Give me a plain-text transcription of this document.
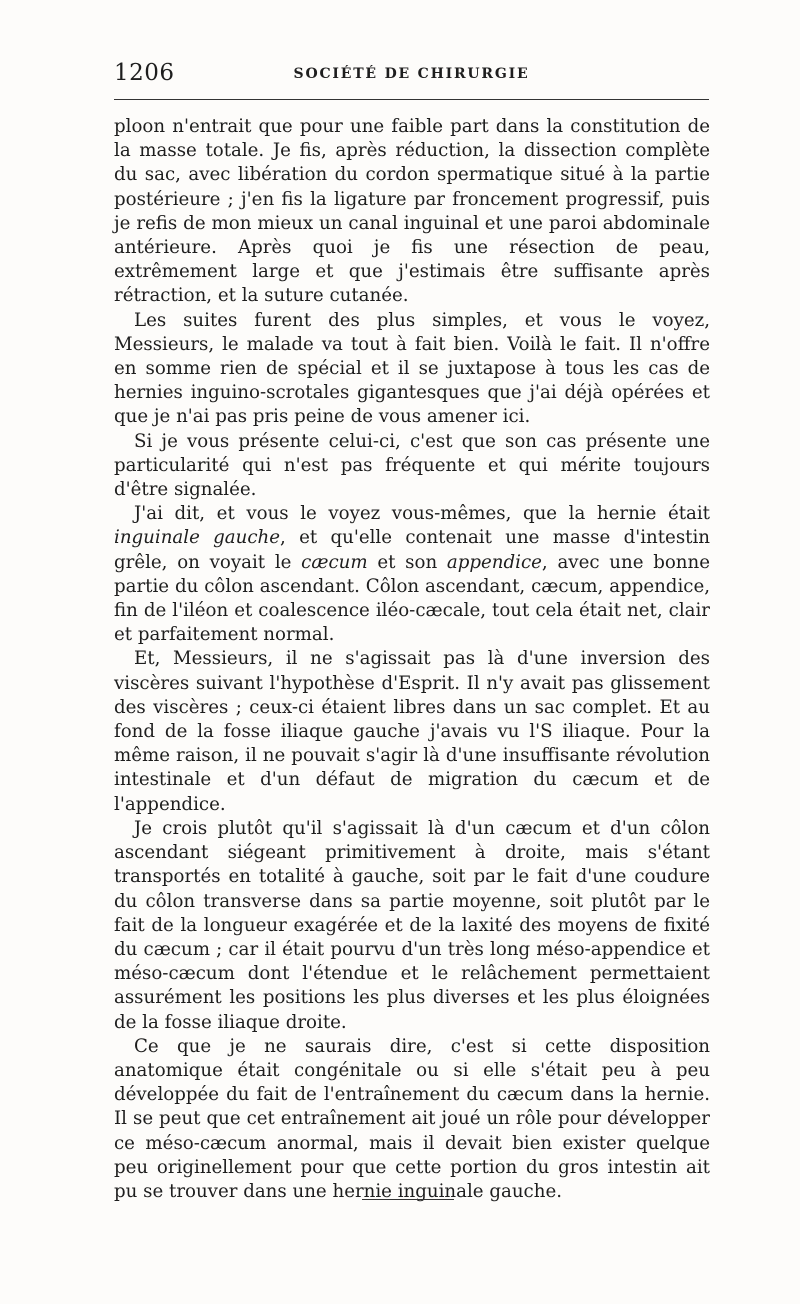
1206	SOCIÉTÉ DE CHIRURGIE

ploon n'entrait que pour une faible part dans la constitution de la masse totale. Je fis, après réduction, la dissection complète du sac, avec libération du cordon spermatique situé à la partie postérieure ; j'en fis la ligature par froncement progressif, puis je refis de mon mieux un canal inguinal et une paroi abdominale antérieure. Après quoi je fis une résection de peau, extrêmement large et que j'estimais être suffisante après rétraction, et la suture cutanée.

Les suites furent des plus simples, et vous le voyez, Messieurs, le malade va tout à fait bien. Voilà le fait. Il n'offre en somme rien de spécial et il se juxtapose à tous les cas de hernies inguino-scrotales gigantesques que j'ai déjà opérées et que je n'ai pas pris peine de vous amener ici.

Si je vous présente celui-ci, c'est que son cas présente une particularité qui n'est pas fréquente et qui mérite toujours d'être signalée.

J'ai dit, et vous le voyez vous-mêmes, que la hernie était inguinale gauche, et qu'elle contenait une masse d'intestin grêle, on voyait le cæcum et son appendice, avec une bonne partie du côlon ascendant. Côlon ascendant, cæcum, appendice, fin de l'iléon et coalescence iléo-cæcale, tout cela était net, clair et parfaitement normal.

Et, Messieurs, il ne s'agissait pas là d'une inversion des viscères suivant l'hypothèse d'Esprit. Il n'y avait pas glissement des viscères ; ceux-ci étaient libres dans un sac complet. Et au fond de la fosse iliaque gauche j'avais vu l'S iliaque. Pour la même raison, il ne pouvait s'agir là d'une insuffisante révolution intestinale et d'un défaut de migration du cæcum et de l'appendice.

Je crois plutôt qu'il s'agissait là d'un cæcum et d'un côlon ascendant siégeant primitivement à droite, mais s'étant transportés en totalité à gauche, soit par le fait d'une coudure du côlon transverse dans sa partie moyenne, soit plutôt par le fait de la longueur exagérée et de la laxité des moyens de fixité du cæcum ; car il était pourvu d'un très long méso-appendice et méso-cæcum dont l'étendue et le relâchement permettaient assurément les positions les plus diverses et les plus éloignées de la fosse iliaque droite.

Ce que je ne saurais dire, c'est si cette disposition anatomique était congénitale ou si elle s'était peu à peu développée du fait de l'entraînement du cæcum dans la hernie. Il se peut que cet entraînement ait joué un rôle pour développer ce méso-cæcum anormal, mais il devait bien exister quelque peu originellement pour que cette portion du gros intestin ait pu se trouver dans une hernie inguinale gauche.
